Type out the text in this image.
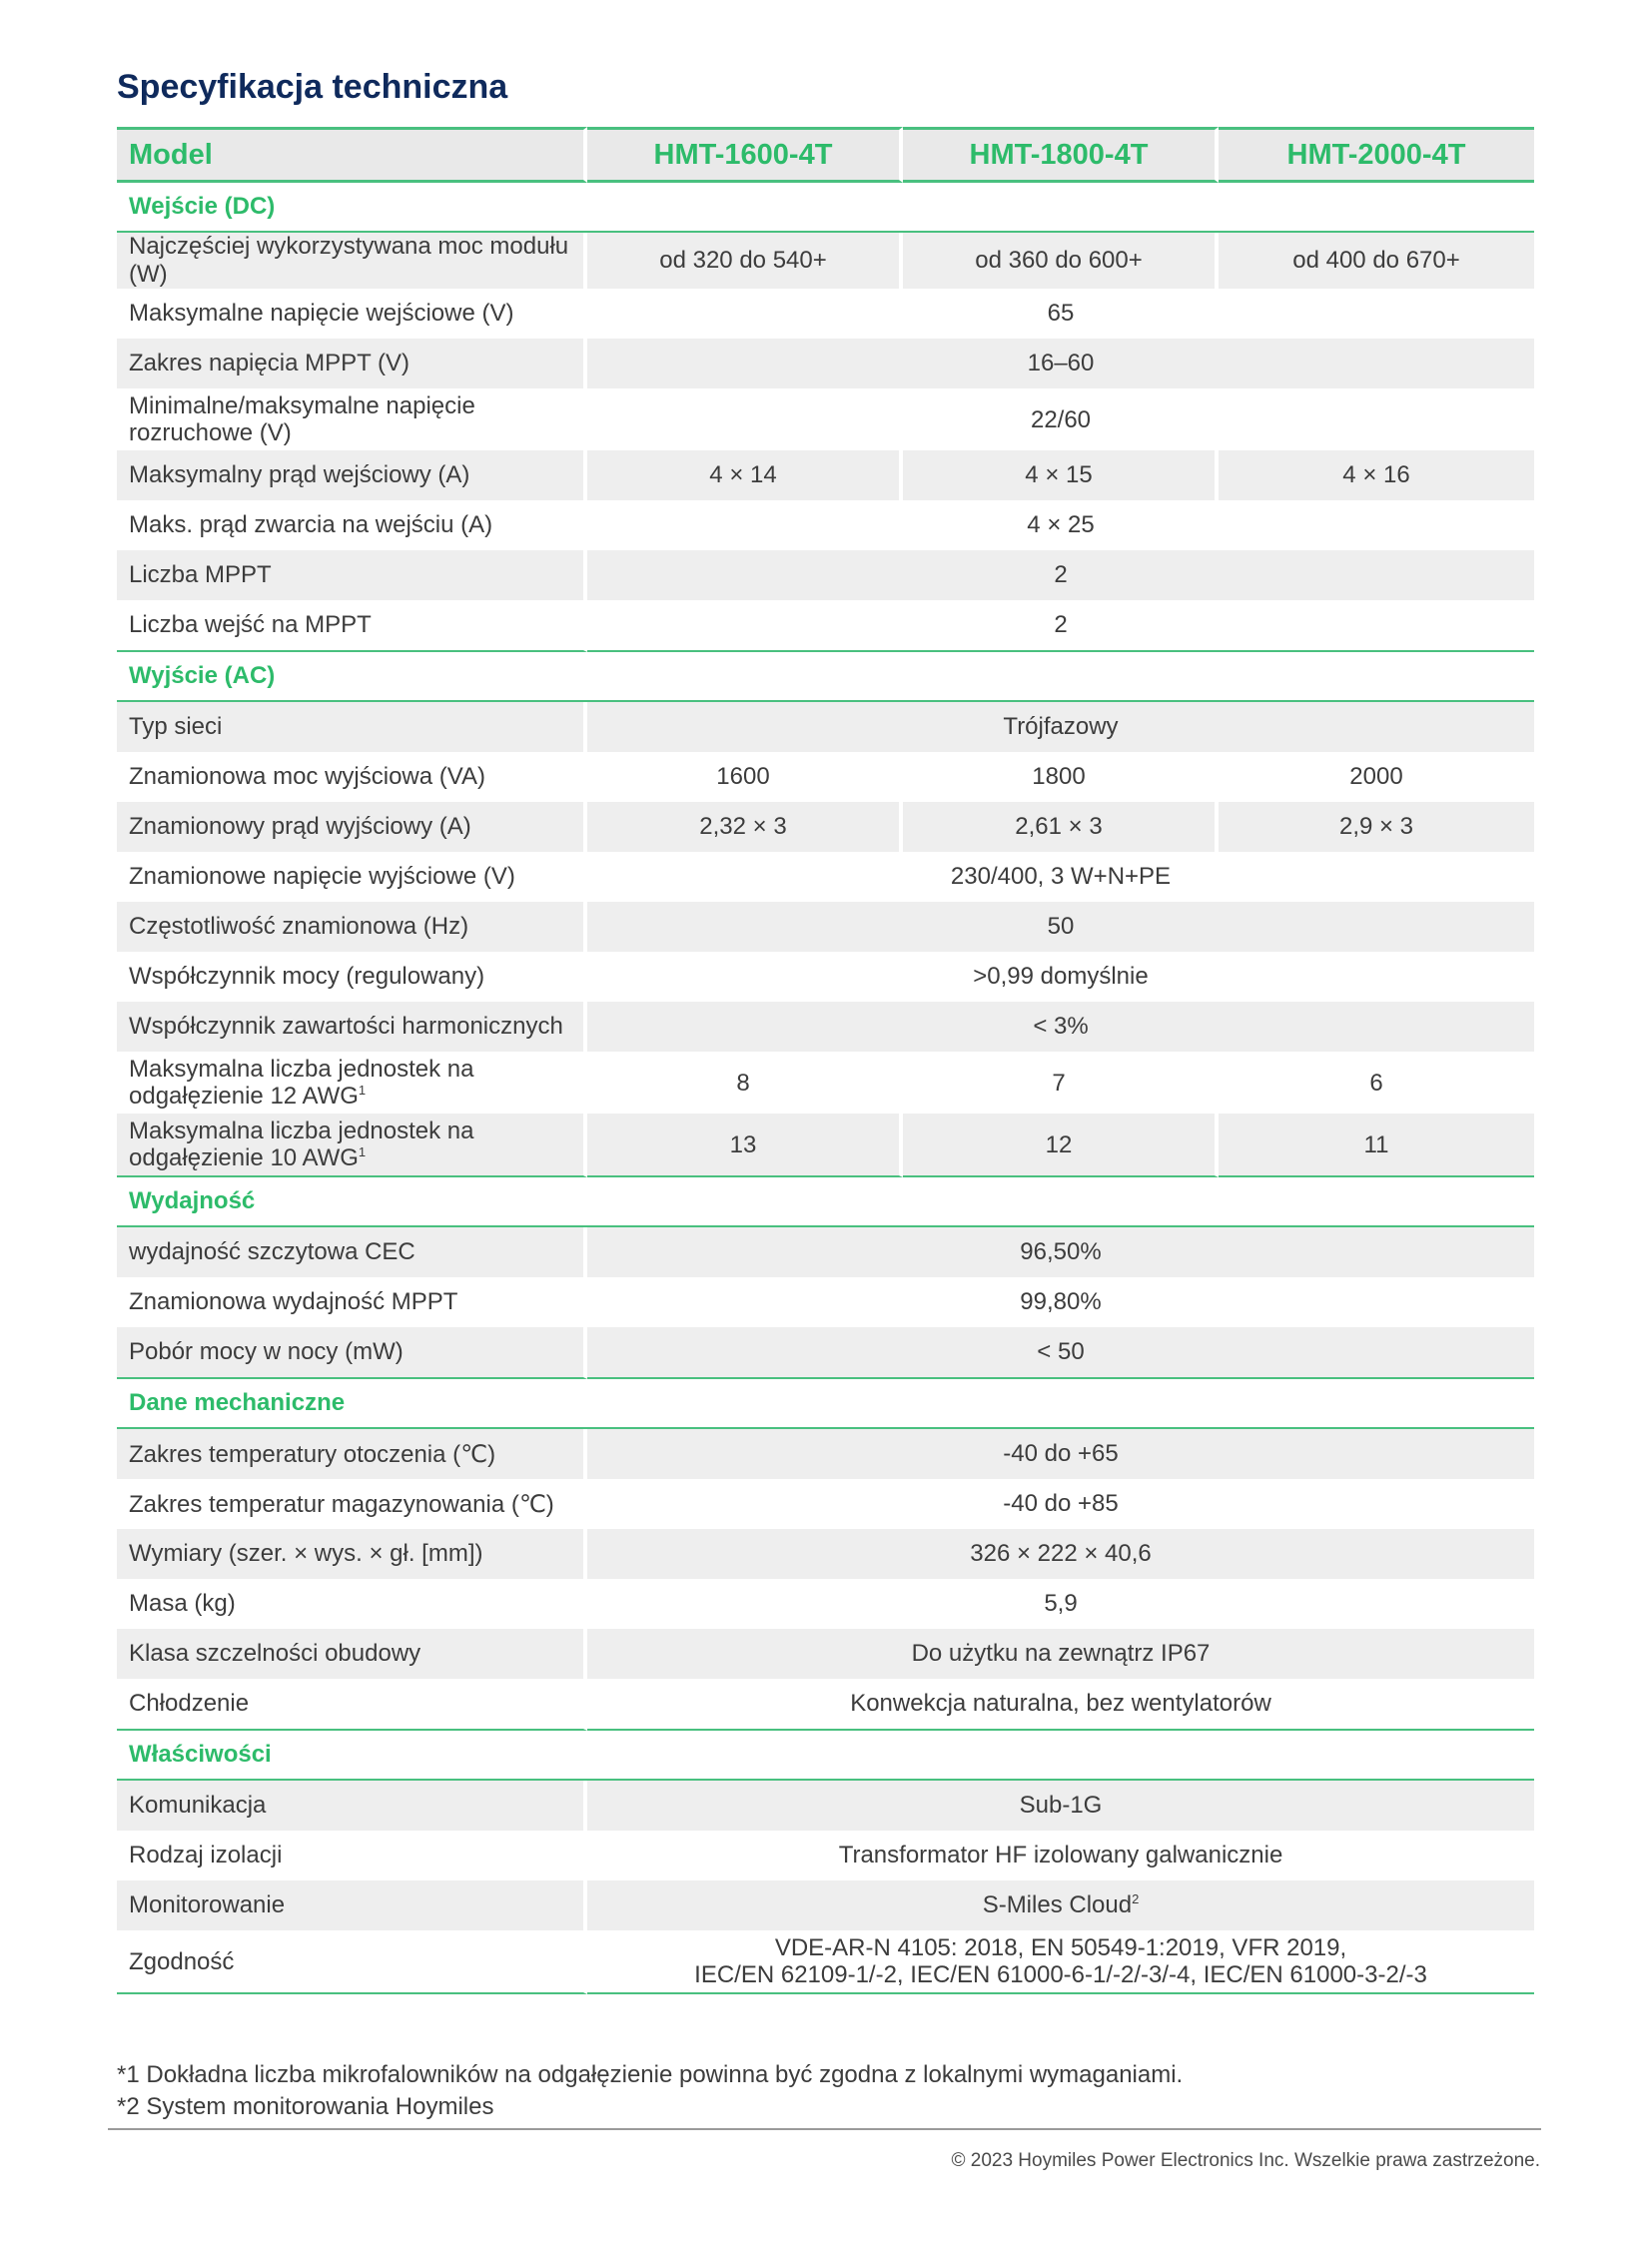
Specyfikacja techniczna
Model	HMT-1600-4T	HMT-1800-4T	HMT-2000-4T
Wejście (DC)			
Najczęściej wykorzystywana moc modułu (W)	od 320 do 540+	od 360 do 600+	od 400 do 670+
Maksymalne napięcie wejściowe (V)	65		
Zakres napięcia MPPT (V)	16–60		
Minimalne/maksymalne napięcie
rozruchowe (V)	22/60		
Maksymalny prąd wejściowy (A)	4 × 14	4 × 15	4 × 16
Maks. prąd zwarcia na wejściu (A)	4 × 25		
Liczba MPPT	2		
Liczba wejść na MPPT	2		
Wyjście (AC)			
Typ sieci	Trójfazowy		
Znamionowa moc wyjściowa (VA)	1600	1800	2000
Znamionowy prąd wyjściowy (A)	2,32 × 3	2,61 × 3	2,9 × 3
Znamionowe napięcie wyjściowe (V)	230/400, 3 W+N+PE		
Częstotliwość znamionowa (Hz)	50		
Współczynnik mocy (regulowany)	>0,99 domyślnie		
Współczynnik zawartości harmonicznych	< 3%		
Maksymalna liczba jednostek na
odgałęzienie 12 AWG$^1$	8	7	6
Maksymalna liczba jednostek na
odgałęzienie 10 AWG$^1$	13	12	11
Wydajność			
wydajność szczytowa CEC	96,50%		
Znamionowa wydajność MPPT	99,80%		
Pobór mocy w nocy (mW)	< 50		
Dane mechaniczne			
Zakres temperatury otoczenia (℃)	-40 do +65		
Zakres temperatur magazynowania (℃)	-40 do +85		
Wymiary (szer. × wys. × gł. [mm])	326 × 222 × 40,6		
Masa (kg)	5,9		
Klasa szczelności obudowy	Do użytku na zewnątrz IP67		
Chłodzenie	Konwekcja naturalna, bez wentylatorów		
Właściwości			
Komunikacja	Sub-1G		
Rodzaj izolacji	Transformator HF izolowany galwanicznie		
Monitorowanie	S-Miles Cloud$^2$
Zgodność	VDE-AR-N 4105: 2018, EN 50549-1:2019, VFR 2019,
IEC/EN 62109-1/-2, IEC/EN 61000-6-1/-2/-3/-4, IEC/EN 61000-3-2/-3		
*1 Dokładna liczba mikrofalowników na odgałęzienie powinna być zgodna z lokalnymi wymaganiami.
*2 System monitorowania Hoymiles
© 2023 Hoymiles Power Electronics Inc. Wszelkie prawa zastrzeżone.
